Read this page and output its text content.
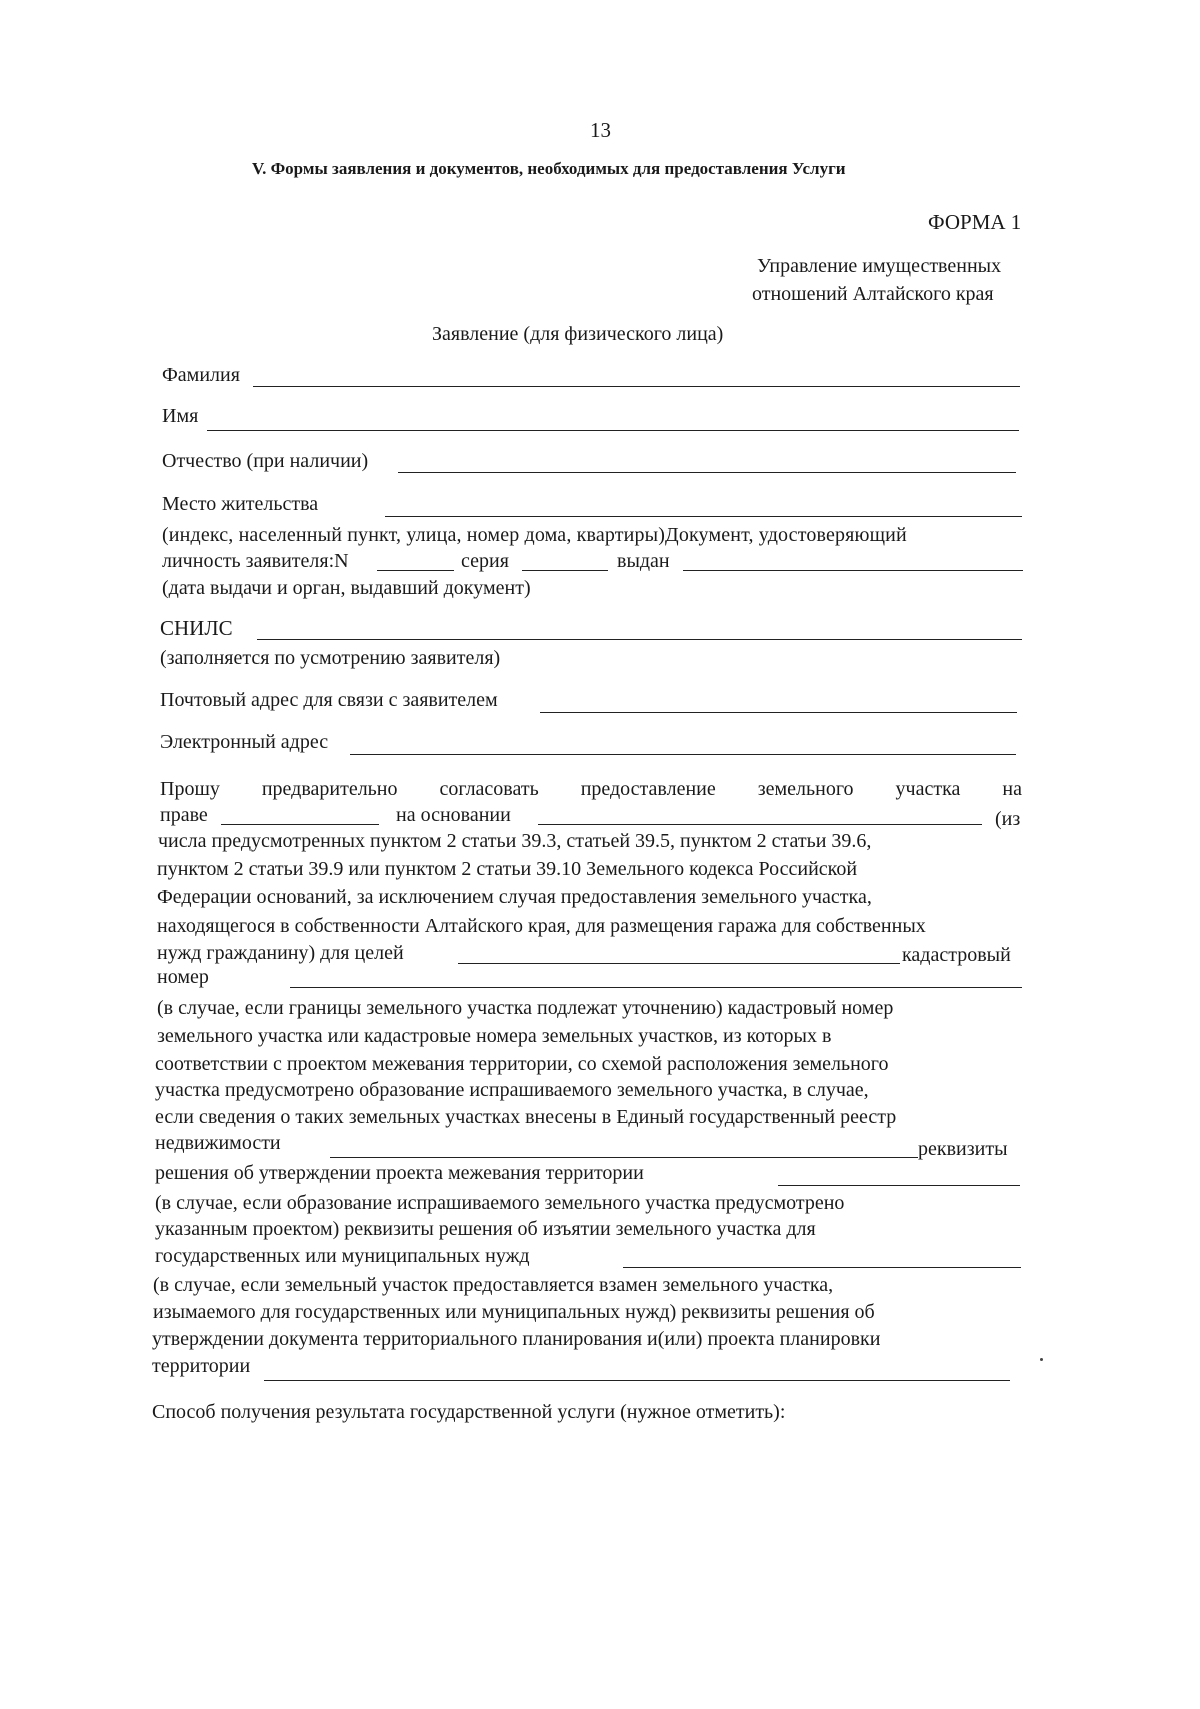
13
V. Формы заявления и документов, необходимых для предоставления Услуги
ФОРМА 1
Управление имущественных
отношений Алтайского края
Заявление (для физического лица)
Фамилия
Имя
Отчество (при наличии)
Место жительства
(индекс, населенный пункт, улица, номер дома, квартиры)Документ, удостоверяющий
личность заявителя:N	серия	выдан
(дата выдачи и орган, выдавший документ)
СНИЛС
(заполняется по усмотрению заявителя)
Почтовый адрес для связи с заявителем
Электронный адрес
Прошу предварительно согласовать предоставление земельного участка на
праве	на основании	(из
числа предусмотренных пунктом 2 статьи 39.3, статьей 39.5, пунктом 2 статьи 39.6,
пунктом 2 статьи 39.9 или пунктом 2 статьи 39.10 Земельного кодекса Российской
Федерации оснований, за исключением случая предоставления земельного участка,
находящегося в собственности Алтайского края, для размещения гаража для собственных
нужд гражданину) для целей	кадастровый
номер
(в случае, если границы земельного участка подлежат уточнению) кадастровый номер
земельного участка или кадастровые номера земельных участков, из которых в
соответствии с проектом межевания территории, со схемой расположения земельного
участка предусмотрено образование испрашиваемого земельного участка, в случае,
если сведения о таких земельных участках внесены в Единый государственный реестр
недвижимости	реквизиты
решения об утверждении проекта межевания территории
(в случае, если образование испрашиваемого земельного участка предусмотрено
указанным проектом) реквизиты решения об изъятии земельного участка для
государственных или муниципальных нужд
(в случае, если земельный участок предоставляется взамен земельного участка,
изымаемого для государственных или муниципальных нужд) реквизиты решения об
утверждении документа территориального планирования и(или) проекта планировки
территории
Способ получения результата государственной услуги (нужное отметить):
